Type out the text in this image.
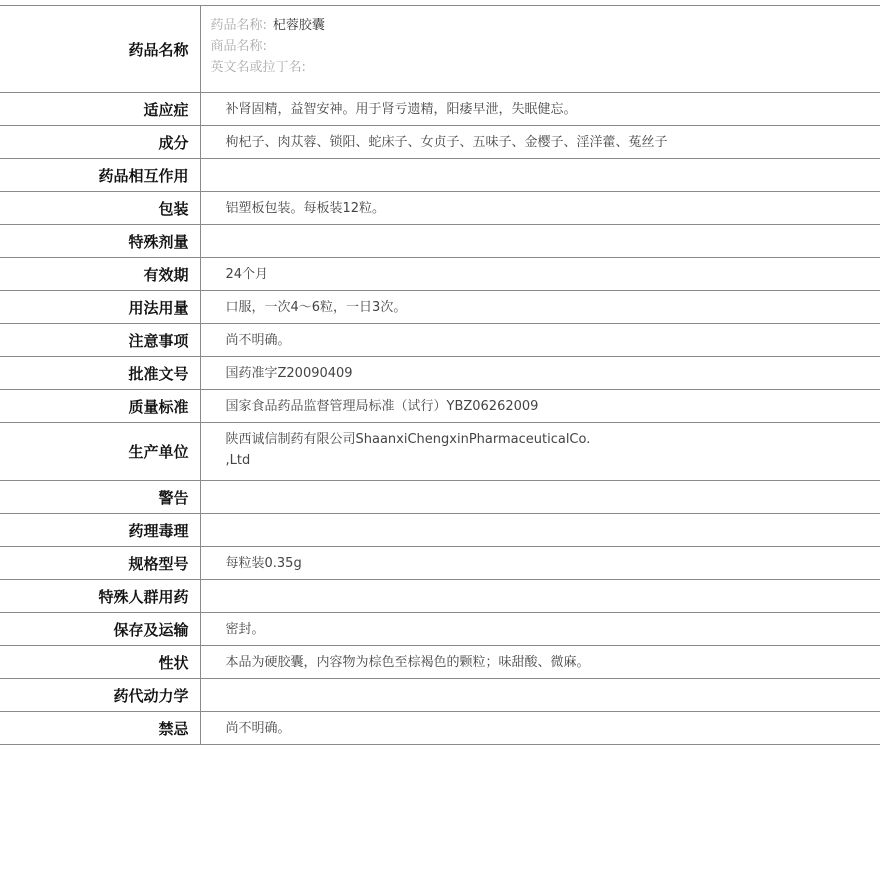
药品名称	药品名称: 杞蓉胶囊
商品名称:
英文名或拉丁名:

适应症	补肾固精，益智安神。用于肾亏遗精，阳痿早泄，失眠健忘。
成分	枸杞子、肉苁蓉、锁阳、蛇床子、女贞子、五味子、金樱子、淫洋藿、菟丝子
药品相互作用	
包装	铝塑板包装。每板装12粒。
特殊剂量	
有效期	24个月
用法用量	口服，一次4～6粒，一日3次。
注意事项	尚不明确。
批准文号	国药准字Z20090409
质量标准	国家食品药品监督管理局标准（试行）YBZ06262009
生产单位	陕西诚信制药有限公司ShaanxiChengxinPharmaceuticalCo.
,Ltd

警告	
药理毒理	
规格型号	每粒装0.35g
特殊人群用药	
保存及运输	密封。
性状	本品为硬胶囊，内容物为棕色至棕褐色的颗粒；味甜酸、微麻。
药代动力学	
禁忌	尚不明确。
